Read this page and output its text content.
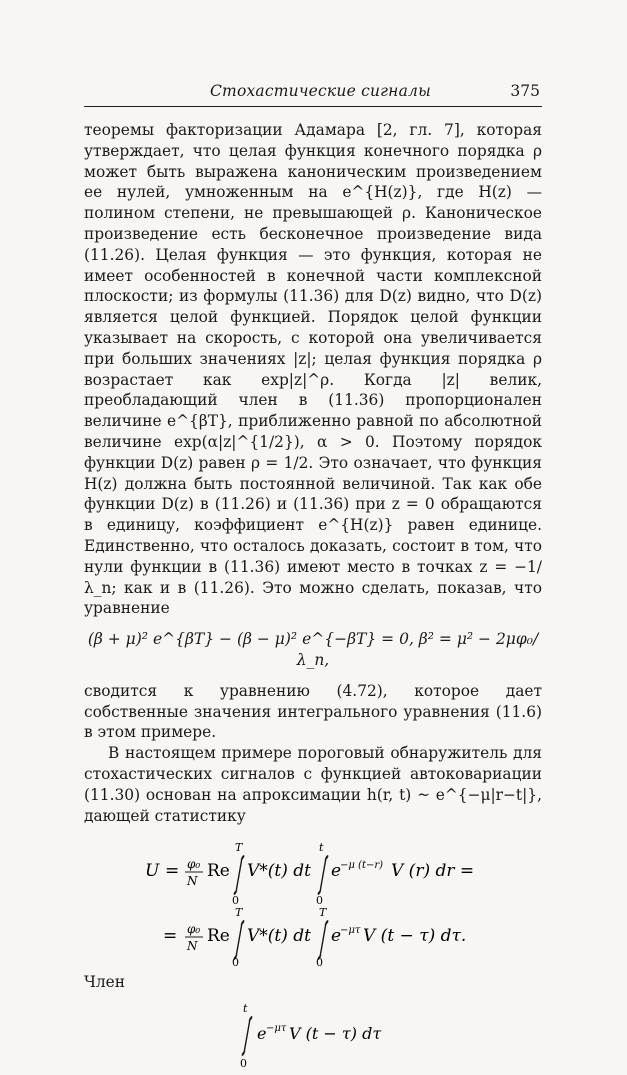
Стохастические сигналы	375

теоремы факторизации Адамара [2, гл. 7], которая утверждает, что целая функция конечного порядка ρ может быть выражена каноническим произведением ее нулей, умноженным на e^{H(z)}, где H(z) — полином степени, не превышающей ρ. Каноническое произведение есть бесконечное произведение вида (11.26). Целая функция — это функция, которая не имеет особенностей в конечной части комплексной плоскости; из формулы (11.36) для D(z) видно, что D(z) является целой функцией. Порядок целой функции указывает на скорость, с которой она увеличивается при больших значениях |z|; целая функция порядка ρ возрастает как exp|z|^ρ. Когда |z| велик, преобладающий член в (11.36) пропорционален величине e^{βT}, приближенно равной по абсолютной величине exp(α|z|^{1/2}), α > 0. Поэтому порядок функции D(z) равен ρ = 1/2. Это означает, что функция H(z) должна быть постоянной величиной. Так как обе функции D(z) в (11.26) и (11.36) при z = 0 обращаются в единицу, коэффициент e^{H(z)} равен единице. Единственно, что осталось доказать, состоит в том, что нули функции в (11.36) имеют место в точках z = −1/λ_n; как и в (11.26). Это можно сделать, показав, что уравнение

(β + μ)² e^{βT} − (β − μ)² e^{−βT} = 0, β² = μ² − 2μφ₀/λ_n,

сводится к уравнению (4.72), которое дает собственные значения интегрального уравнения (11.6) в этом примере.

В настоящем примере пороговый обнаружитель для стохастических сигналов с функцией автоковариации (11.30) основан на апроксимации h(r, t) ~ e^{−μ|r−t|}, дающей статистику

U = φ₀
N Re
T
0
V*(t) dt
t
0
e
−μ (t−r) V (r) dr =
= φ₀
N Re
T
0
V*(t) dt
T
0
e
−μτ V (t − τ) dτ.

Член

t
0
e −μτ V (t − τ) dτ
